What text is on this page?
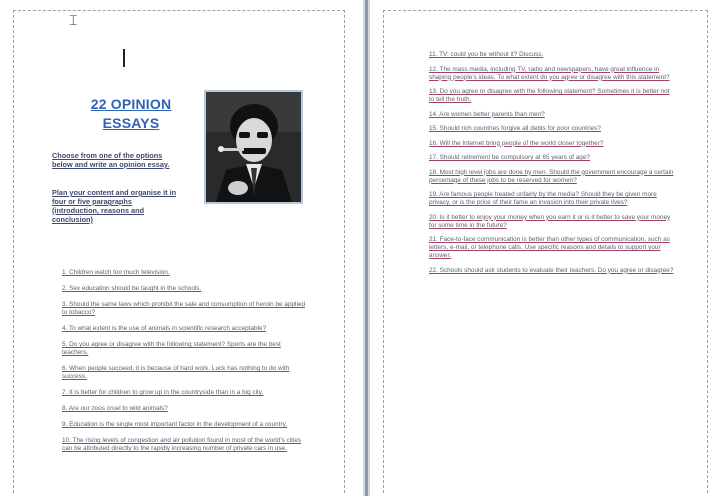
⌶
22 OPINION
ESSAYS
Choose from one of the options below and write an opinion essay.
Plan your content and organise it in four or five paragraphs (introduction, reasons and conclusion)
1. Children watch too much television.
2. Sex education should be taught in the schools.
3. Should the same laws which prohibit the sale and consumption of heroin be applied to tobacco?
4. To what extent is the use of animals in scientific research acceptable?
5. Do you agree or disagree with the following statement? Sports are the best teachers.
6. When people succeed, it is because of hard work. Luck has nothing to do with success.
7. It is better for children to grow up in the countryside than in a big city.
8. Are our zoos cruel to wild animals?
9. Education is the single most important factor in the development of a country.
10. The rising levels of congestion and air pollution found in most of the world's cities can be attributed directly to the rapidly increasing number of private cars in use.
11. TV: could you be without it? Discuss.
12. The mass media, including TV, radio and newspapers, have great influence in shaping people's ideas. To what extent do you agree or disagree with this statement?
13. Do you agree or disagree with the following statement? Sometimes it is better not to tell the truth.
14. Are women better parents than men?
15. Should rich countries forgive all debts for poor countries?
16. Will the Internet bring people of the world closer together?
17. Should retirement be compulsory at 65 years of age?
18. Most high level jobs are done by men. Should the government encourage a certain percentage of these jobs to be reserved for women?
19. Are famous people treated unfairly by the media? Should they be given more privacy, or is the price of their fame an invasion into their private lives?
20. Is it better to enjoy your money when you earn it or is it better to save your money for some time in the future?
21. Face-to-face communication is better than other types of communication, such as letters, e-mail, or telephone calls. Use specific reasons and details to support your answer.
22. Schools should ask students to evaluate their teachers. Do you agree or disagree?
